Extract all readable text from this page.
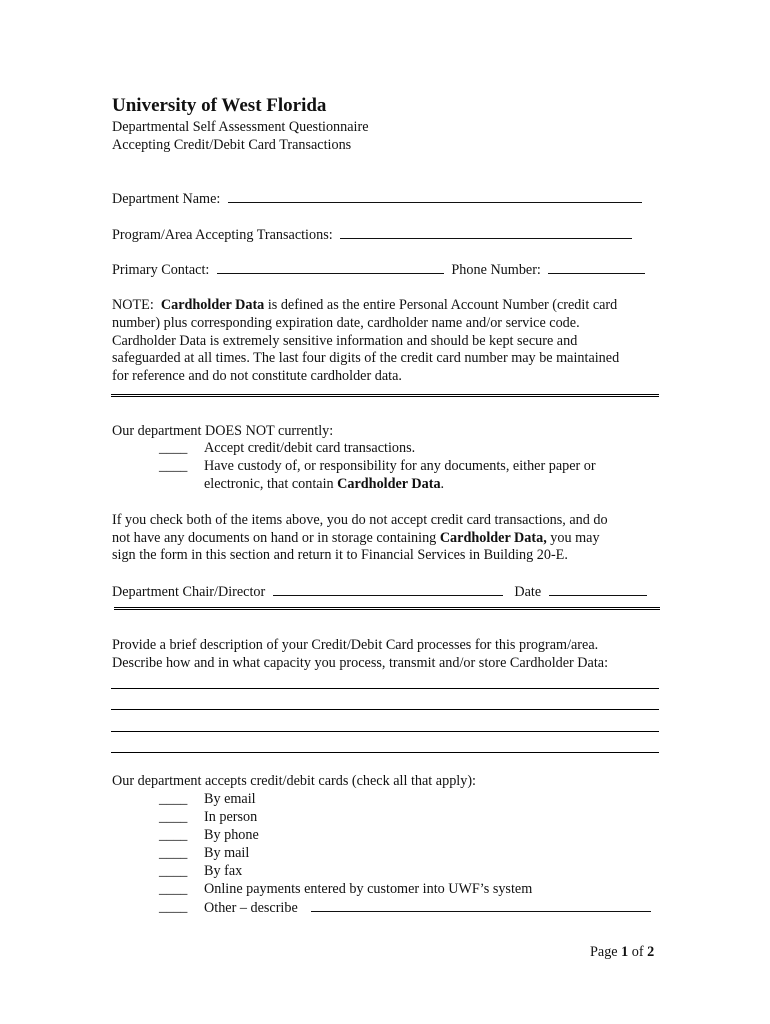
University of West Florida
Departmental Self Assessment Questionnaire
Accepting Credit/Debit Card Transactions
Department Name:
Program/Area Accepting Transactions:
Primary Contact:	Phone Number:
NOTE: Cardholder Data is defined as the entire Personal Account Number (credit card
number) plus corresponding expiration date, cardholder name and/or service code.
Cardholder Data is extremely sensitive information and should be kept secure and
safeguarded at all times. The last four digits of the credit card number may be maintained
for reference and do not constitute cardholder data.
Our department DOES NOT currently:
____ Accept credit/debit card transactions.
____ Have custody of, or responsibility for any documents, either paper or
electronic, that contain Cardholder Data.
If you check both of the items above, you do not accept credit card transactions, and do
not have any documents on hand or in storage containing Cardholder Data, you may
sign the form in this section and return it to Financial Services in Building 20-E.
Department Chair/Director	Date
Provide a brief description of your Credit/Debit Card processes for this program/area.
Describe how and in what capacity you process, transmit and/or store Cardholder Data:
Our department accepts credit/debit cards (check all that apply):
____ By email
____ In person
____ By phone
____ By mail
____ By fax
____ Online payments entered by customer into UWF’s system
____ Other – describe
Page 1 of 2
